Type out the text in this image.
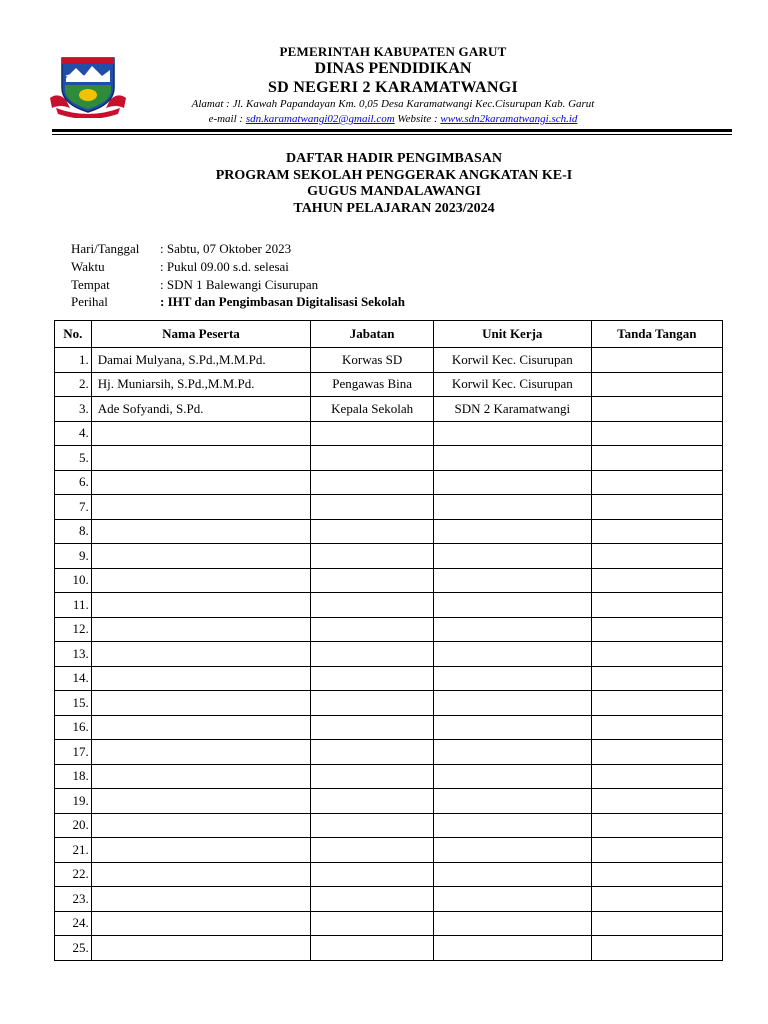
PEMERINTAH KABUPATEN GARUT
DINAS PENDIDIKAN
SD NEGERI 2 KARAMATWANGI
Alamat : Jl. Kawah Papandayan Km. 0,05 Desa Karamatwangi Kec.Cisurupan Kab. Garut
e-mail : sdn.karamatwangi02@gmail.com Website : www.sdn2karamatwangi.sch.id
DAFTAR HADIR PENGIMBASAN
PROGRAM SEKOLAH PENGGERAK ANGKATAN KE-I
GUGUS MANDALAWANGI
TAHUN PELAJARAN 2023/2024
Hari/Tanggal	: Sabtu, 07 Oktober 2023
Waktu	: Pukul 09.00 s.d. selesai
Tempat	: SDN 1 Balewangi Cisurupan
Perihal	: IHT dan Pengimbasan Digitalisasi Sekolah
No.	Nama Peserta	Jabatan	Unit Kerja	Tanda Tangan
1.	Damai Mulyana, S.Pd.,M.M.Pd.	Korwas SD	Korwil Kec. Cisurupan	
2.	Hj. Muniarsih, S.Pd.,M.M.Pd.	Pengawas Bina	Korwil Kec. Cisurupan	
3.	Ade Sofyandi, S.Pd.	Kepala Sekolah	SDN 2 Karamatwangi	
4.				
5.				
6.				
7.				
8.				
9.				
10.				
11.				
12.				
13.				
14.				
15.				
16.				
17.				
18.				
19.				
20.				
21.				
22.				
23.				
24.				
25.				
